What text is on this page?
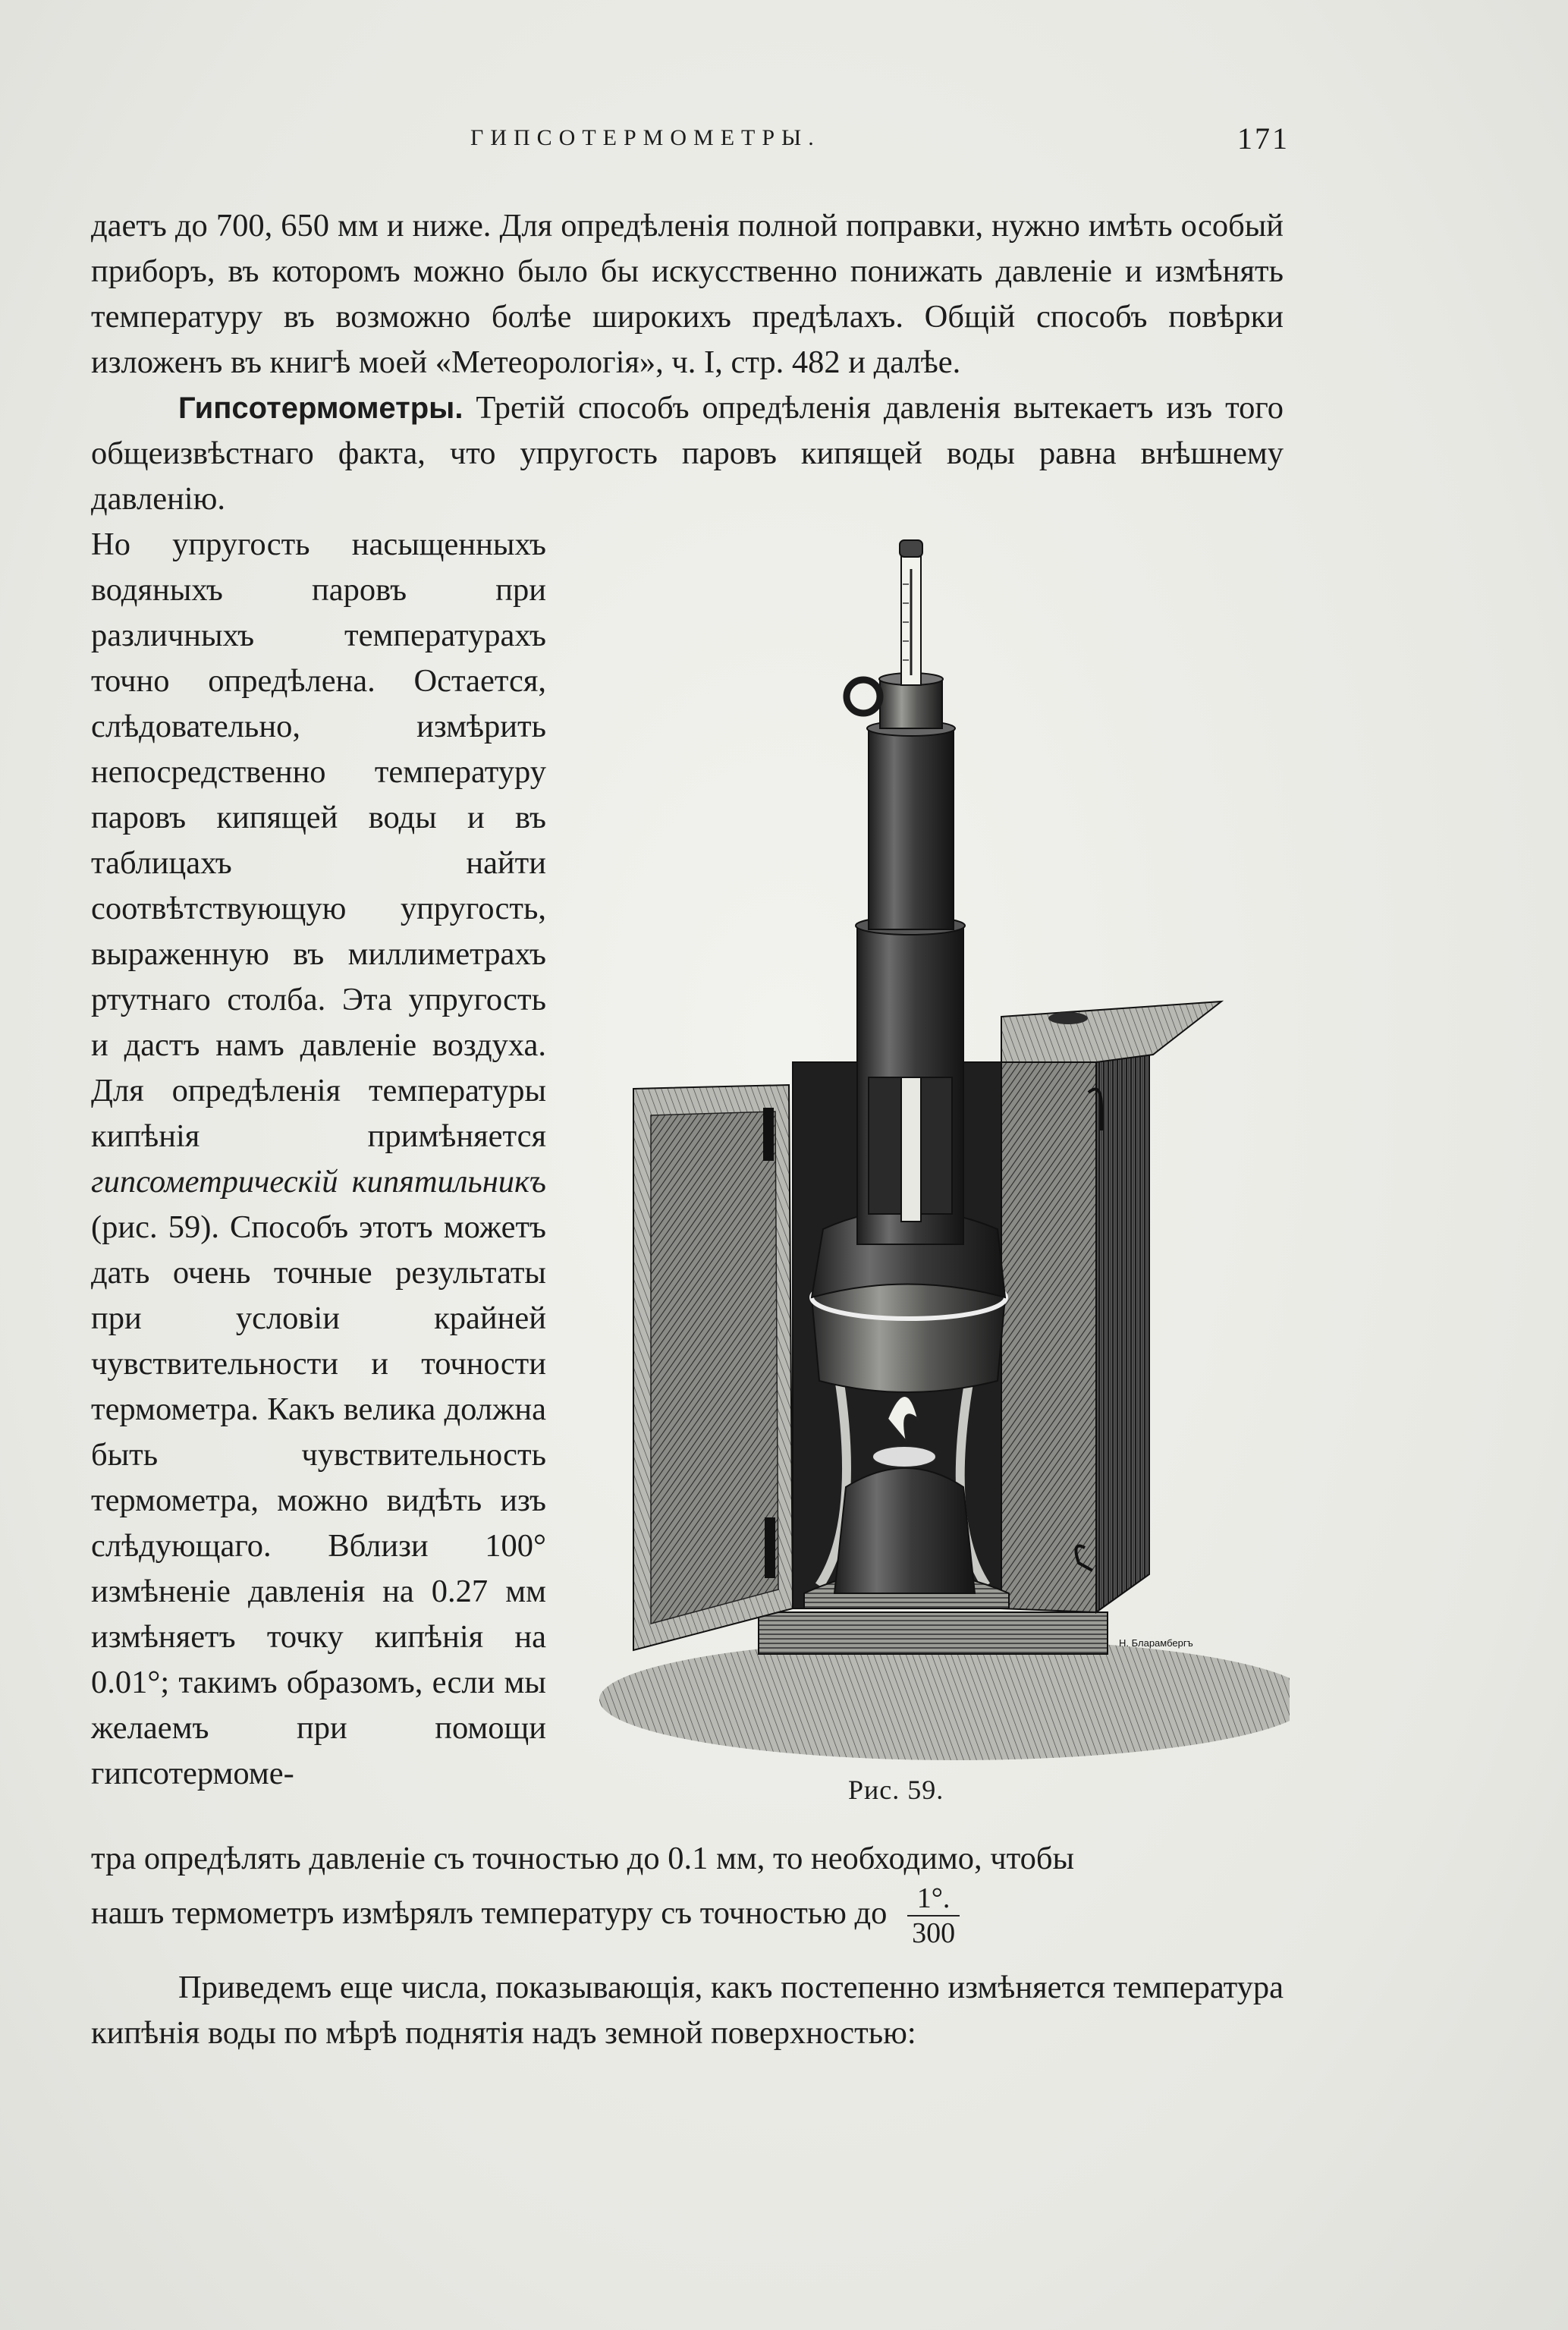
ГИПСОТЕРМОМЕТРЫ.	171

даетъ до 700, 650 мм и ниже. Для опредѣленія полной поправки, нужно имѣть особый приборъ, въ которомъ можно было бы искусственно понижать давленіе и измѣнять температуру въ возможно болѣе широкихъ предѣлахъ. Общій способъ повѣрки изложенъ въ книгѣ моей «Метеорологія», ч. I, стр. 482 и далѣе.

Гипсотермометры. Третій способъ опредѣленія давленія вытекаетъ изъ того общеизвѣстнаго факта, что упругость паровъ кипящей воды равна внѣшнему давленію.

Но упругость насыщенныхъ водяныхъ паровъ при различныхъ температурахъ точно опредѣлена. Остается, слѣдовательно, измѣрить непосредственно температуру паровъ кипящей воды и въ таблицахъ найти соотвѣтствующую упругость, выраженную въ миллиметрахъ ртутнаго столба. Эта упругость и дастъ намъ давленіе воздуха. Для опредѣленія температуры кипѣнія примѣняется гипсометрическій кипятильникъ (рис. 59). Способъ этотъ можетъ дать очень точные результаты при условіи крайней чувствительности и точности термометра. Какъ велика должна быть чувствительность термометра, можно видѣть изъ слѣдующаго. Вблизи 100° измѣненіе давленія на 0.27 мм измѣняетъ точку кипѣнія на 0.01°; такимъ образомъ, если мы желаемъ при помощи гипсотермоме-

Н. Бларамбергъ
Рис. 59.

тра опредѣлять давленіе съ точностью до 0.1 мм, то необходимо, чтобы

нашъ термометръ измѣрялъ температуру съ точностью до $\frac{1^\circ.}{300}$

Приведемъ еще числа, показывающія, какъ постепенно измѣняется температура кипѣнія воды по мѣрѣ поднятія надъ земной поверхностью:
